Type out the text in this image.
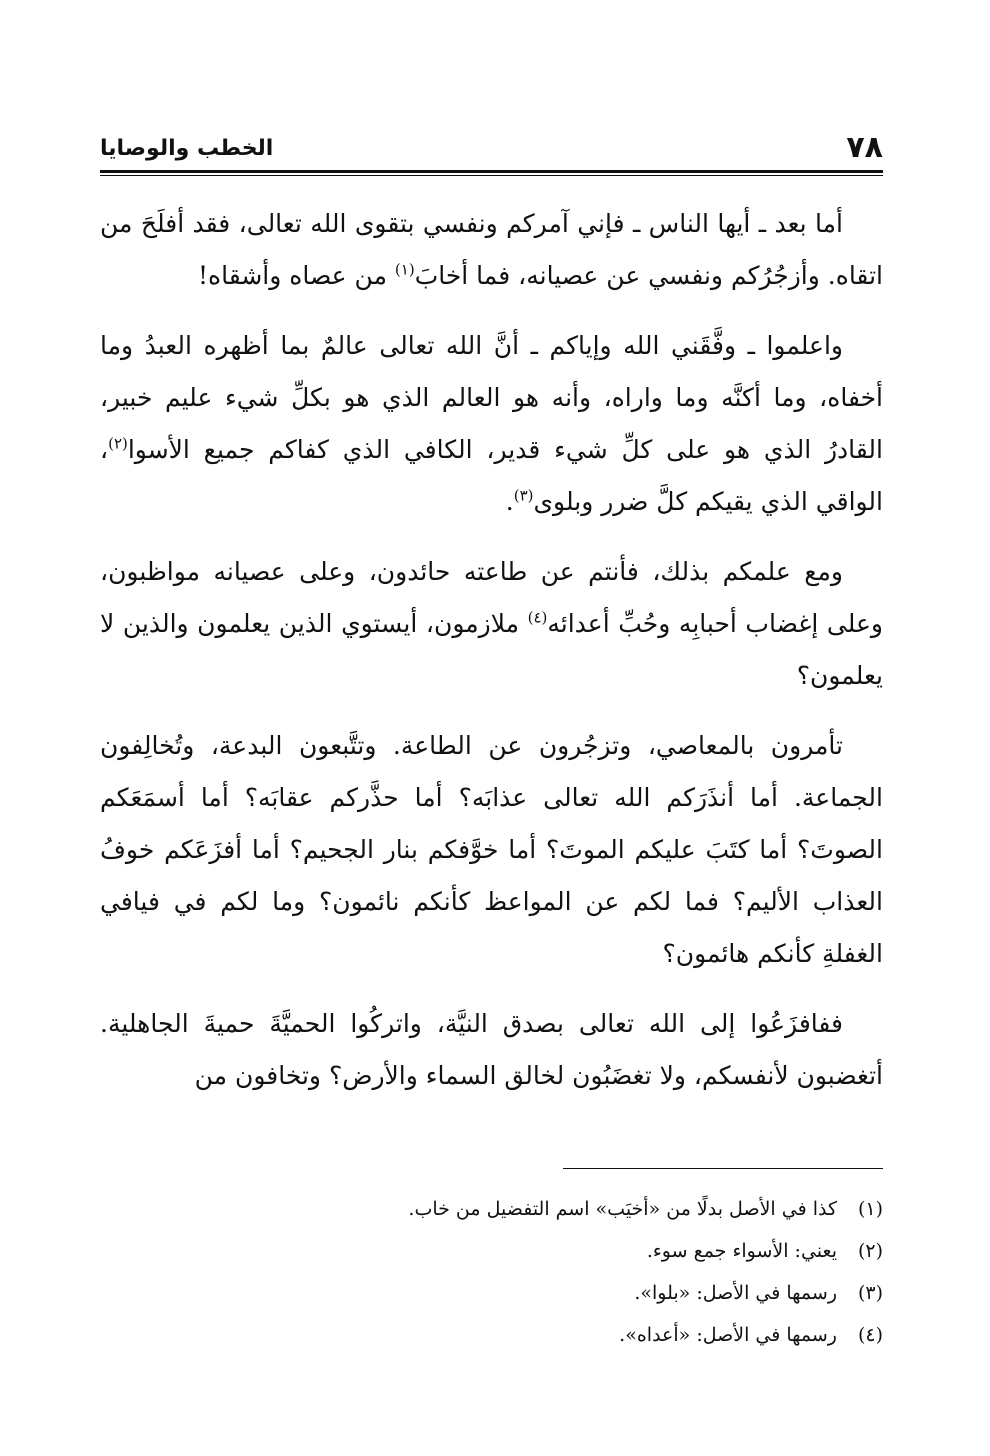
الخطب والوصايا	٧٨

أما بعد ـ أيها الناس ـ فإني آمركم ونفسي بتقوى الله تعالى، فقد أفلَحَ من اتقاه. وأزجُرُكم ونفسي عن عصيانه، فما أخابَ$^{(١)}$ من عصاه وأشقاه!

واعلموا ـ وفَّقَني الله وإياكم ـ أنَّ الله تعالى عالمٌ بما أظهره العبدُ وما أخفاه، وما أكنَّه وما واراه، وأنه هو العالم الذي هو بكلِّ شيء عليم خبير، القادرُ الذي هو على كلِّ شيء قدير، الكافي الذي كفاكم جميع الأسوا$^{(٢)}$، الواقي الذي يقيكم كلَّ ضرر وبلوى$^{(٣)}$.

ومع علمكم بذلك، فأنتم عن طاعته حائدون، وعلى عصيانه مواظبون، وعلى إغضاب أحبابِه وحُبِّ أعدائه$^{(٤)}$ ملازمون، أيستوي الذين يعلمون والذين لا يعلمون؟

تأمرون بالمعاصي، وتزجُرون عن الطاعة. وتتَّبعون البدعة، وتُخالِفون الجماعة. أما أنذَرَكم الله تعالى عذابَه؟ أما حذَّركم عقابَه؟ أما أسمَعَكم الصوتَ؟ أما كتَبَ عليكم الموتَ؟ أما خوَّفكم بنار الجحيم؟ أما أفزَعَكم خوفُ العذاب الأليم؟ فما لكم عن المواعظ كأنكم نائمون؟ وما لكم في فيافي الغفلةِ كأنكم هائمون؟

ففافزَعُوا إلى الله تعالى بصدق النيَّة، واتركُوا الحميَّةَ حميةَ الجاهلية. أتغضبون لأنفسكم، ولا تغضَبُون لخالق السماء والأرض؟ وتخافون من

(١)
كذا في الأصل بدلًا من «أخيَب» اسم التفضيل من خاب.
(٢)
يعني: الأسواء جمع سوء.
(٣)
رسمها في الأصل: «بلوا».
(٤)
رسمها في الأصل: «أعداه».
